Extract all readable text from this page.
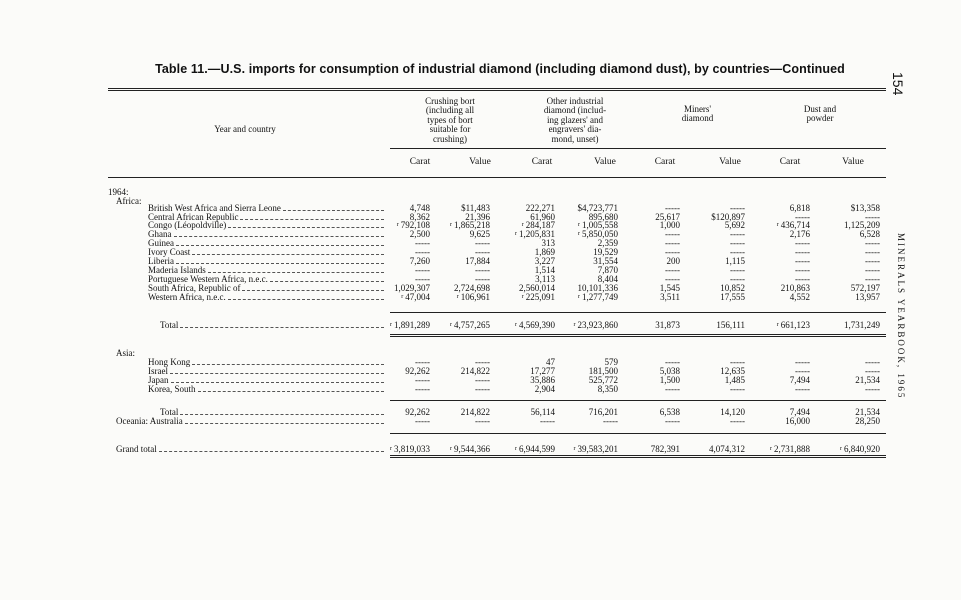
Table 11.—U.S. imports for consumption of industrial diamond (including diamond dust), by countries—Continued
154
MINERALS YEARBOOK, 1965
Year and country
Crushing bort
(including all
types of bort
suitable for
crushing)
Other industrial
diamond (includ-
ing glazers' and
engravers' dia-
mond, unset)
Miners'
diamond
Dust and
powder
Carat	Value	Carat	Value	Carat	Value	Carat	Value
1964:
Africa:
British West Africa and Sierra Leone	4,748	$11,483	222,271	$4,723,771	-----	-----	6,818	$13,358
Central African Republic	8,362	21,396	61,960	895,680	25,617	$120,897	-----	-----
Congo (Léopoldville)	$^r$ 792,108	$^r$ 1,865,218	$^r$ 284,187	$^r$ 1,005,558	1,000	5,692	$^r$ 436,714	1,125,209
Ghana	2,500	9,625	$^r$ 1,205,831	$^r$ 5,850,050	-----	-----	2,176	6,528
Guinea	-----	-----	313	2,359	-----	-----	-----	-----
Ivory Coast	-----	-----	1,869	19,529	-----	-----	-----	-----
Liberia	7,260	17,884	3,227	31,554	200	1,115	-----	-----
Maderia Islands	-----	-----	1,514	7,870	-----	-----	-----	-----
Portuguese Western Africa, n.e.c.	-----	-----	3,113	8,404	-----	-----	-----	-----
South Africa, Republic of	1,029,307	2,724,698	2,560,014	10,101,336	1,545	10,852	210,863	572,197
Western Africa, n.e.c.	$^r$ 47,004	$^r$ 106,961	$^r$ 225,091	$^r$ 1,277,749	3,511	17,555	4,552	13,957
Total	$^r$ 1,891,289	$^r$ 4,757,265	$^r$ 4,569,390	$^r$ 23,923,860	31,873	156,111	$^r$ 661,123	1,731,249
Asia:
Hong Kong	-----	-----	47	579	-----	-----	-----	-----
Israel	92,262	214,822	17,277	181,500	5,038	12,635	-----	-----
Japan	-----	-----	35,886	525,772	1,500	1,485	7,494	21,534
Korea, South	-----	-----	2,904	8,350	-----	-----	-----	-----
Total	92,262	214,822	56,114	716,201	6,538	14,120	7,494	21,534
Oceania: Australia	-----	-----	-----	-----	-----	-----	16,000	28,250
Grand total	$^r$ 3,819,033	$^r$ 9,544,366	$^r$ 6,944,599	$^r$ 39,583,201	782,391	4,074,312	$^r$ 2,731,888	$^r$ 6,840,920
